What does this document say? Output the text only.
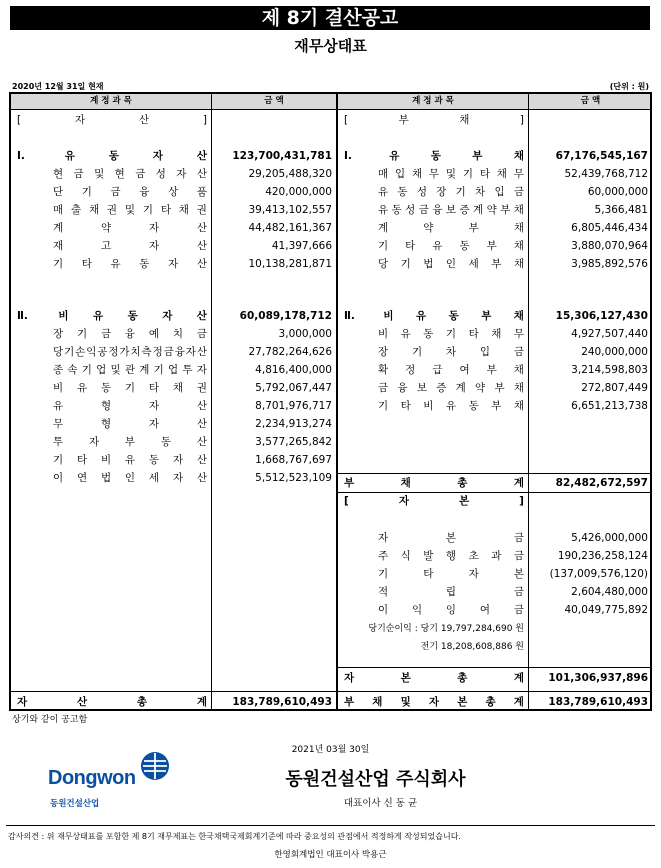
제 8기 결산공고
재무상태표
2020년 12월 31일 현재	(단위 : 원)
계 정 과 목	금 액
[	자	산	]
Ⅰ.	유	동	자	산	123,700,431,781
현 금 및 현 금 성 자 산	29,205,488,320
단 기 금 융 상 품	420,000,000
매 출 채 권 및 기 타 채 권	39,413,102,557
계	약	자	산	44,482,161,367
재	고	자	산	41,397,666
기 타 유 동 자 산	10,138,281,871
Ⅱ.	비 유 동 자 산	60,089,178,712
장 기 금 융 예 치 금	3,000,000
당 기 손 익 공 정 가 치 측 정 금 융 자 산	27,782,264,626
종 속 기 업 및 관 계 기 업 투 자	4,816,400,000
비 유 동 기 타 채 권	5,792,067,447
유	형	자	산	8,701,976,717
무	형	자	산	2,234,913,274
투 자 부 동 산	3,577,265,842
기 타 비 유 동 자 산	1,668,767,697
이 연 법 인 세 자 산	5,512,523,109
자	산	총	계	183,789,610,493
계 정 과 목	금 액
[	부	채	]
Ⅰ.	유	동	부	채	67,176,545,167
매 입 채 무 및 기 타 채 무	52,439,768,712
유 동 성 장 기 차 입 금	60,000,000
유 동 성 금 융 보 증 계 약 부 채	5,366,481
계	약	부	채	6,805,446,434
기 타 유 동 부 채	3,880,070,964
당 기 법 인 세 부 채	3,985,892,576
Ⅱ.	비 유 동 부 채	15,306,127,430
비 유 동 기 타 채 무	4,927,507,440
장 기 차 입 금	240,000,000
확 정 급 여 부 채	3,214,598,803
금 융 보 증 계 약 부 채	272,807,449
기 타 비 유 동 부 채	6,651,213,738
부	채	총	계	82,482,672,597
[	자	본	]
자	본	금	5,426,000,000
주 식 발 행 초 과 금	190,236,258,124
기	타	자	본	(137,009,576,120)
적	립	금	2,604,480,000
이 익 잉 여 금	40,049,775,892
당기순이익 : 당기 19,797,284,690 원
전기 18,208,608,886 원
자	본	총	계	101,306,937,896
부 채 및 자 본 총 계	183,789,610,493
상기와 같이 공고함
2021년 03월 30일
Dongwon
동원건설산업
동원건설산업 주식회사
대표이사 신 동 균
감사의견 : 위 재무상태표를 포함한 제 8기 재무제표는 한국채택국제회계기준에 따라 중요성의 관점에서 적정하게 작성되었습니다.
한영회계법인 대표이사 박용근
